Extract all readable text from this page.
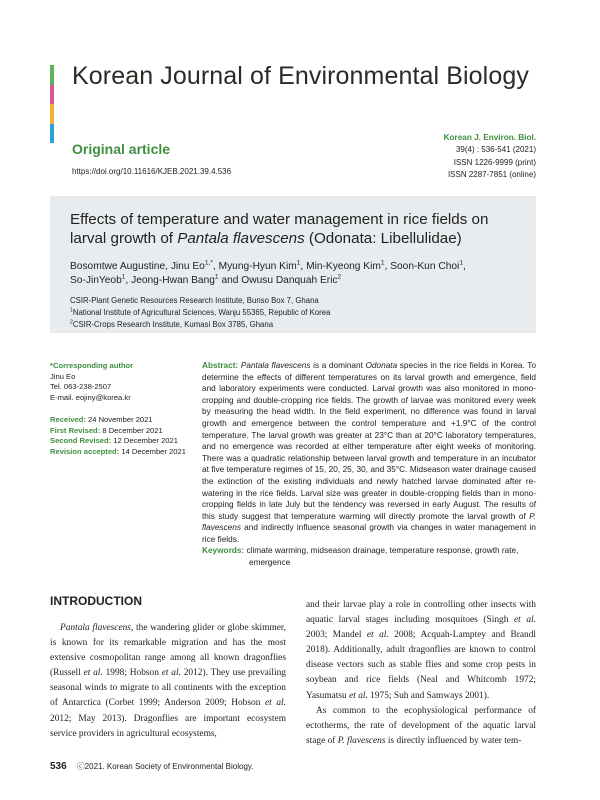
Korean Journal of Environmental Biology
Original article
https://doi.org/10.11616/KJEB.2021.39.4.536
Korean J. Environ. Biol.
39(4) : 536-541 (2021)
ISSN 1226-9999 (print)
ISSN 2287-7851 (online)
Effects of temperature and water management in rice fields on larval growth of Pantala flavescens (Odonata: Libellulidae)
Bosomtwe Augustine, Jinu $Eo^{1,*}$, Myung-Hyun Kim$^1$, Min-Kyeong Kim$^1$, Soon-Kun Choi$^1$,
So-JinYeob$^1$, Jeong-Hwan Bang$^1$ and Owusu Danquah Eric$^2$
CSIR-Plant Genetic Resources Research Institute, Bunso Box 7, Ghana
$^1$National Institute of Agricultural Sciences, Wanju 55365, Republic of Korea
$^2$CSIR-Crops Research Institute, Kumasi Box 3785, Ghana
*Corresponding author
Jinu Eo
Tel. 063-238-2507
E-mail. eojiny@korea.kr
Received: 24 November 2021
First Revised: 8 December 2021
Second Revised: 12 December 2021
Revision accepted: 14 December 2021
Abstract: Pantala flavescens is a dominant Odonata species in the rice fields in Korea. To determine the effects of different temperatures on its larval growth and emergence, field and laboratory experiments were conducted. Larval growth was also monitored in mono-cropping and double-cropping rice fields. The growth of larvae was monitored every week by measuring the head width. In the field experiment, no difference was found in larval growth and emergence between the control temperature and +1.9°C of the control temperature. The larval growth was greater at 23°C than at 20°C laboratory temperatures, and no emergence was recorded at either temperature after eight weeks of monitoring. There was a quadratic relationship between larval growth and temperature in an incubator at five temperature regimes of 15, 20, 25, 30, and 35°C. Midseason water drainage caused the extinction of the existing individuals and newly hatched larvae dominated after re-watering in the rice fields. Larval size was greater in double-cropping fields than in mono-cropping fields in late July but the tendency was reversed in early August. The results of this study suggest that temperature warming will directly promote the larval growth of P. flavescens and indirectly influence seasonal growth via changes in water management in rice fields.
Keywords: climate warming, midseason drainage, temperature response, growth rate,
emergence
INTRODUCTION
Pantala flavescens, the wandering glider or globe skimmer, is known for its remarkable migration and has the most extensive cosmopolitan range among all known dragonflies (Russell et al. 1998; Hobson et al. 2012). They use prevailing seasonal winds to migrate to all continents with the exception of Antarctica (Corbet 1999; Anderson 2009; Hobson et al. 2012; May 2013). Dragonflies are important ecosystem service providers in agricultural ecosystems,

and their larvae play a role in controlling other insects with aquatic larval stages including mosquitoes (Singh et al. 2003; Mandel et al. 2008; Acquah-Lamptey and Brandl 2018). Additionally, adult dragonflies are known to control disease vectors such as stable flies and some crop pests in soybean and rice fields (Neal and Whitcomb 1972; Yasumatsu et al. 1975; Suh and Samways 2001).

As common to the ecophysiological performance of ectotherms, the rate of development of the aquatic larval stage of P. flavescens is directly influenced by water tem-

536 ⓒ2021. Korean Society of Environmental Biology.
